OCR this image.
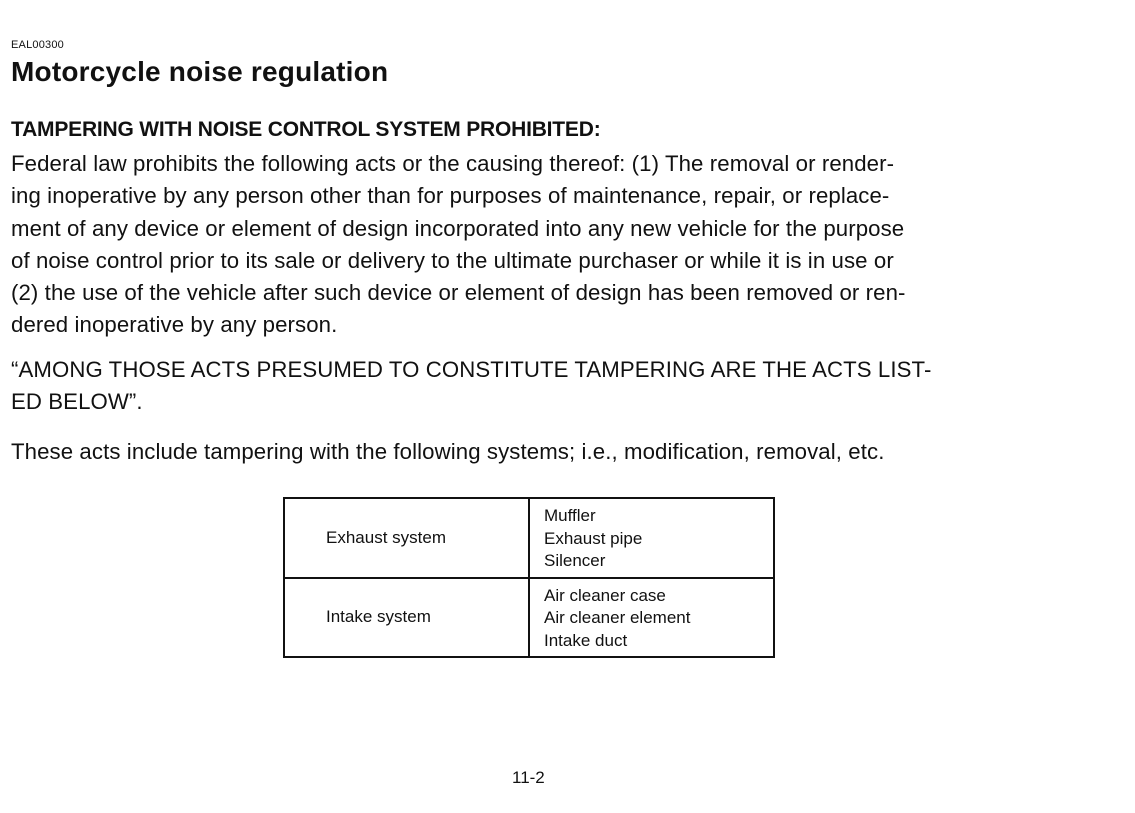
EAL00300
Motorcycle noise regulation
TAMPERING WITH NOISE CONTROL SYSTEM PROHIBITED:

Federal law prohibits the following acts or the causing thereof: (1) The removal or render-
ing inoperative by any person other than for purposes of maintenance, repair, or replace-
ment of any device or element of design incorporated into any new vehicle for the purpose
of noise control prior to its sale or delivery to the ultimate purchaser or while it is in use or
(2) the use of the vehicle after such device or element of design has been removed or ren-
dered inoperative by any person.

“AMONG THOSE ACTS PRESUMED TO CONSTITUTE TAMPERING ARE THE ACTS LIST-
ED BELOW”.

These acts include tampering with the following systems; i.e., modification, removal, etc.

Exhaust system	Muffler
Exhaust pipe
Silencer

Intake system	Air cleaner case
Air cleaner element
Intake duct
11-2
